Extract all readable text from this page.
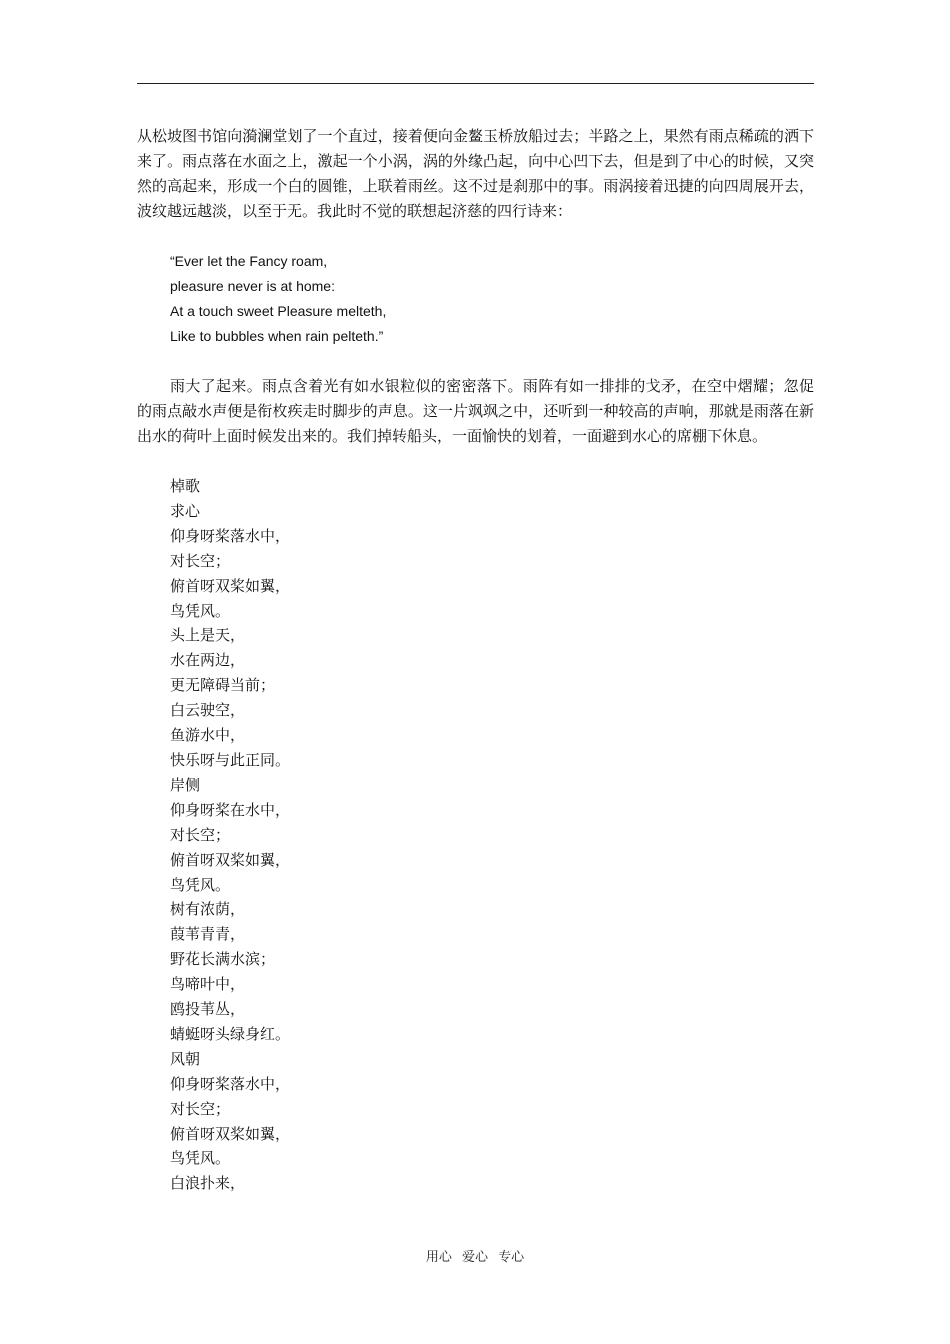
从松坡图书馆向漪澜堂划了一个直过，接着便向金鳌玉桥放船过去；半路之上，果然有雨点稀疏的洒下来了。雨点落在水面之上，激起一个小涡，涡的外缘凸起，向中心凹下去，但是到了中心的时候，又突然的高起来，形成一个白的圆锥，上联着雨丝。这不过是刹那中的事。雨涡接着迅捷的向四周展开去，波纹越远越淡，以至于无。我此时不觉的联想起济慈的四行诗来：

“Ever let the Fancy roam,
pleasure never is at home:
At a touch sweet Pleasure melteth,
Like to bubbles when rain pelteth.”

雨大了起来。雨点含着光有如水银粒似的密密落下。雨阵有如一排排的戈矛，在空中熠耀；忽促的雨点敲水声便是衔枚疾走时脚步的声息。这一片飒飒之中，还听到一种较高的声响，那就是雨落在新出水的荷叶上面时候发出来的。我们掉转船头，一面愉快的划着，一面避到水心的席棚下休息。

棹歌
求心
仰身呀桨落水中，
对长空；
俯首呀双桨如翼，
鸟凭风。
头上是天，
水在两边，
更无障碍当前；
白云驶空，
鱼游水中，
快乐呀与此正同。
岸侧
仰身呀桨在水中，
对长空；
俯首呀双桨如翼，
鸟凭风。
树有浓荫，
葭苇青青，
野花长满水滨；
鸟啼叶中，
鸥投苇丛，
蜻蜓呀头绿身红。
风朝
仰身呀桨落水中，
对长空；
俯首呀双桨如翼，
鸟凭风。
白浪扑来，
用心 爱心 专心
